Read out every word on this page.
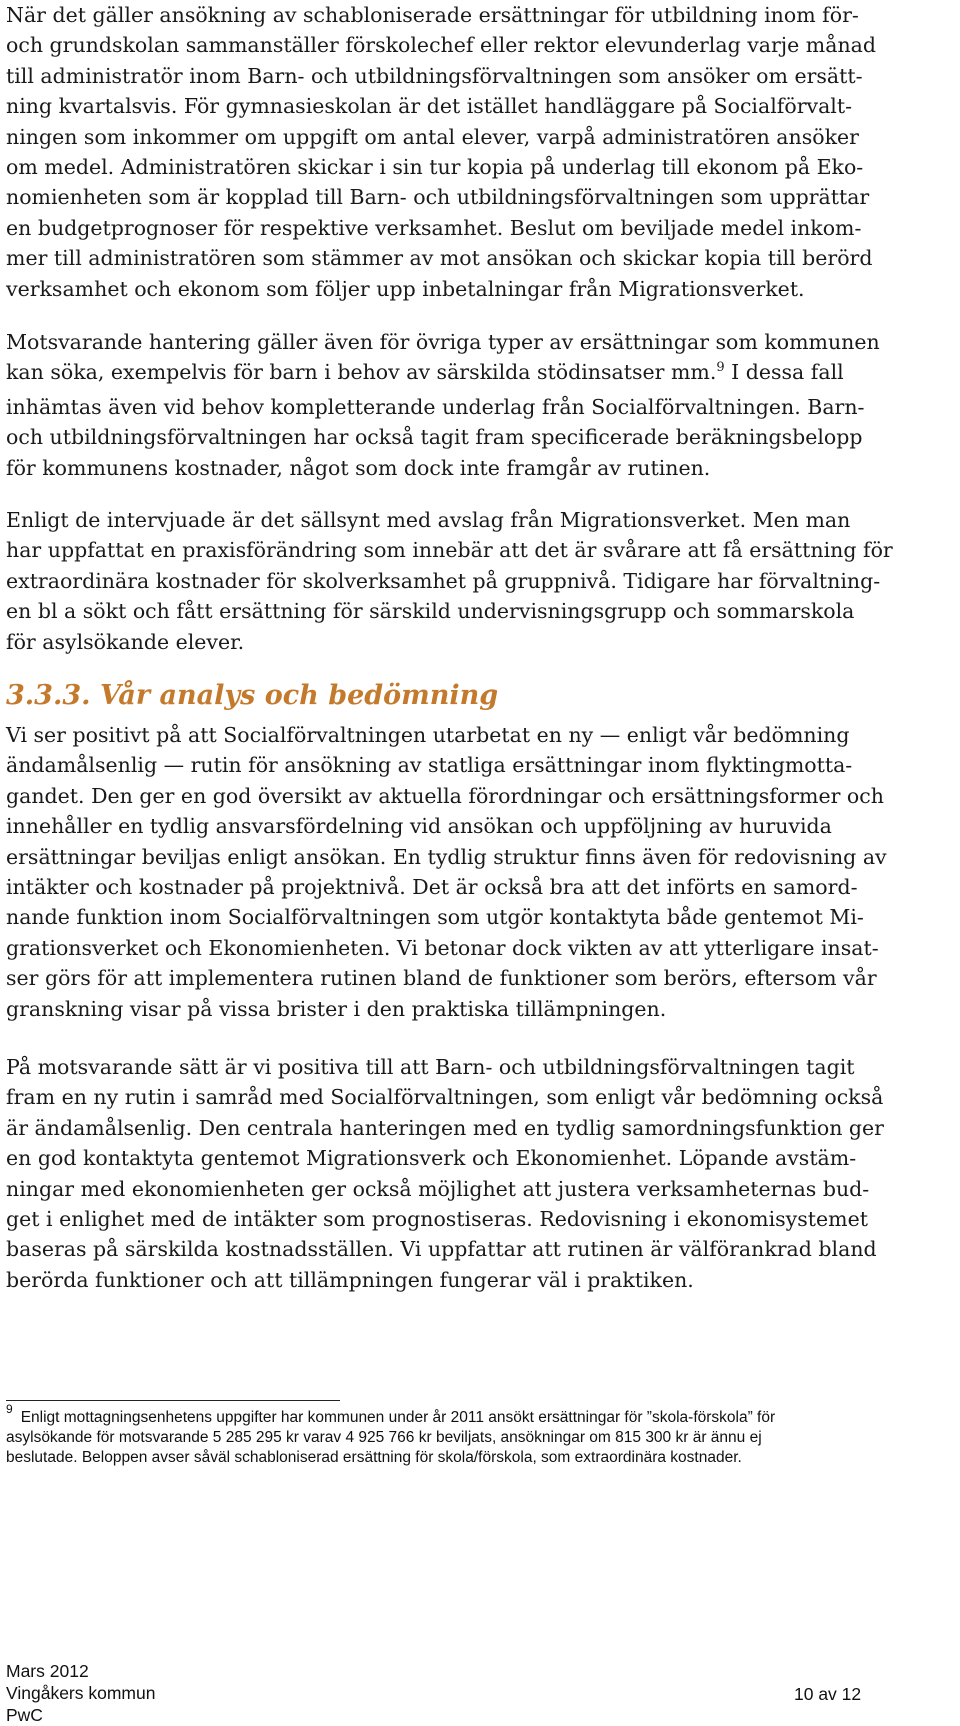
När det gäller ansökning av schabloniserade ersättningar för utbildning inom för-
och grundskolan sammanställer förskolechef eller rektor elevunderlag varje månad
till administratör inom Barn- och utbildningsförvaltningen som ansöker om ersätt-
ning kvartalsvis. För gymnasieskolan är det istället handläggare på Socialförvalt-
ningen som inkommer om uppgift om antal elever, varpå administratören ansöker
om medel. Administratören skickar i sin tur kopia på underlag till ekonom på Eko-
nomienheten som är kopplad till Barn- och utbildningsförvaltningen som upprättar
en budgetprognoser för respektive verksamhet. Beslut om beviljade medel inkom-
mer till administratören som stämmer av mot ansökan och skickar kopia till berörd
verksamhet och ekonom som följer upp inbetalningar från Migrationsverket.
Motsvarande hantering gäller även för övriga typer av ersättningar som kommunen
kan söka, exempelvis för barn i behov av särskilda stödinsatser mm.$^9$ I dessa fall
inhämtas även vid behov kompletterande underlag från Socialförvaltningen. Barn-
och utbildningsförvaltningen har också tagit fram specificerade beräkningsbelopp
för kommunens kostnader, något som dock inte framgår av rutinen.
Enligt de intervjuade är det sällsynt med avslag från Migrationsverket. Men man
har uppfattat en praxisförändring som innebär att det är svårare att få ersättning för
extraordinära kostnader för skolverksamhet på gruppnivå. Tidigare har förvaltning-
en bl a sökt och fått ersättning för särskild undervisningsgrupp och sommarskola
för asylsökande elever.
3.3.3. Vår analys och bedömning
Vi ser positivt på att Socialförvaltningen utarbetat en ny — enligt vår bedömning
ändamålsenlig — rutin för ansökning av statliga ersättningar inom flyktingmotta-
gandet. Den ger en god översikt av aktuella förordningar och ersättningsformer och
innehåller en tydlig ansvarsfördelning vid ansökan och uppföljning av huruvida
ersättningar beviljas enligt ansökan. En tydlig struktur finns även för redovisning av
intäkter och kostnader på projektnivå. Det är också bra att det införts en samord-
nande funktion inom Socialförvaltningen som utgör kontaktyta både gentemot Mi-
grationsverket och Ekonomienheten. Vi betonar dock vikten av att ytterligare insat-
ser görs för att implementera rutinen bland de funktioner som berörs, eftersom vår
granskning visar på vissa brister i den praktiska tillämpningen.
På motsvarande sätt är vi positiva till att Barn- och utbildningsförvaltningen tagit
fram en ny rutin i samråd med Socialförvaltningen, som enligt vår bedömning också
är ändamålsenlig. Den centrala hanteringen med en tydlig samordningsfunktion ger
en god kontaktyta gentemot Migrationsverk och Ekonomienhet. Löpande avstäm-
ningar med ekonomienheten ger också möjlighet att justera verksamheternas bud-
get i enlighet med de intäkter som prognostiseras. Redovisning i ekonomisystemet
baseras på särskilda kostnadsställen. Vi uppfattar att rutinen är välförankrad bland
berörda funktioner och att tillämpningen fungerar väl i praktiken.
$^9$ Enligt mottagningsenhetens uppgifter har kommunen under år 2011 ansökt ersättningar för ”skola-förskola” för
asylsökande för motsvarande 5 285 295 kr varav 4 925 766 kr beviljats, ansökningar om 815 300 kr är ännu ej
beslutade. Beloppen avser såväl schabloniserad ersättning för skola/förskola, som extraordinära kostnader.
Mars 2012
Vingåkers kommun
PwC
10 av 12
